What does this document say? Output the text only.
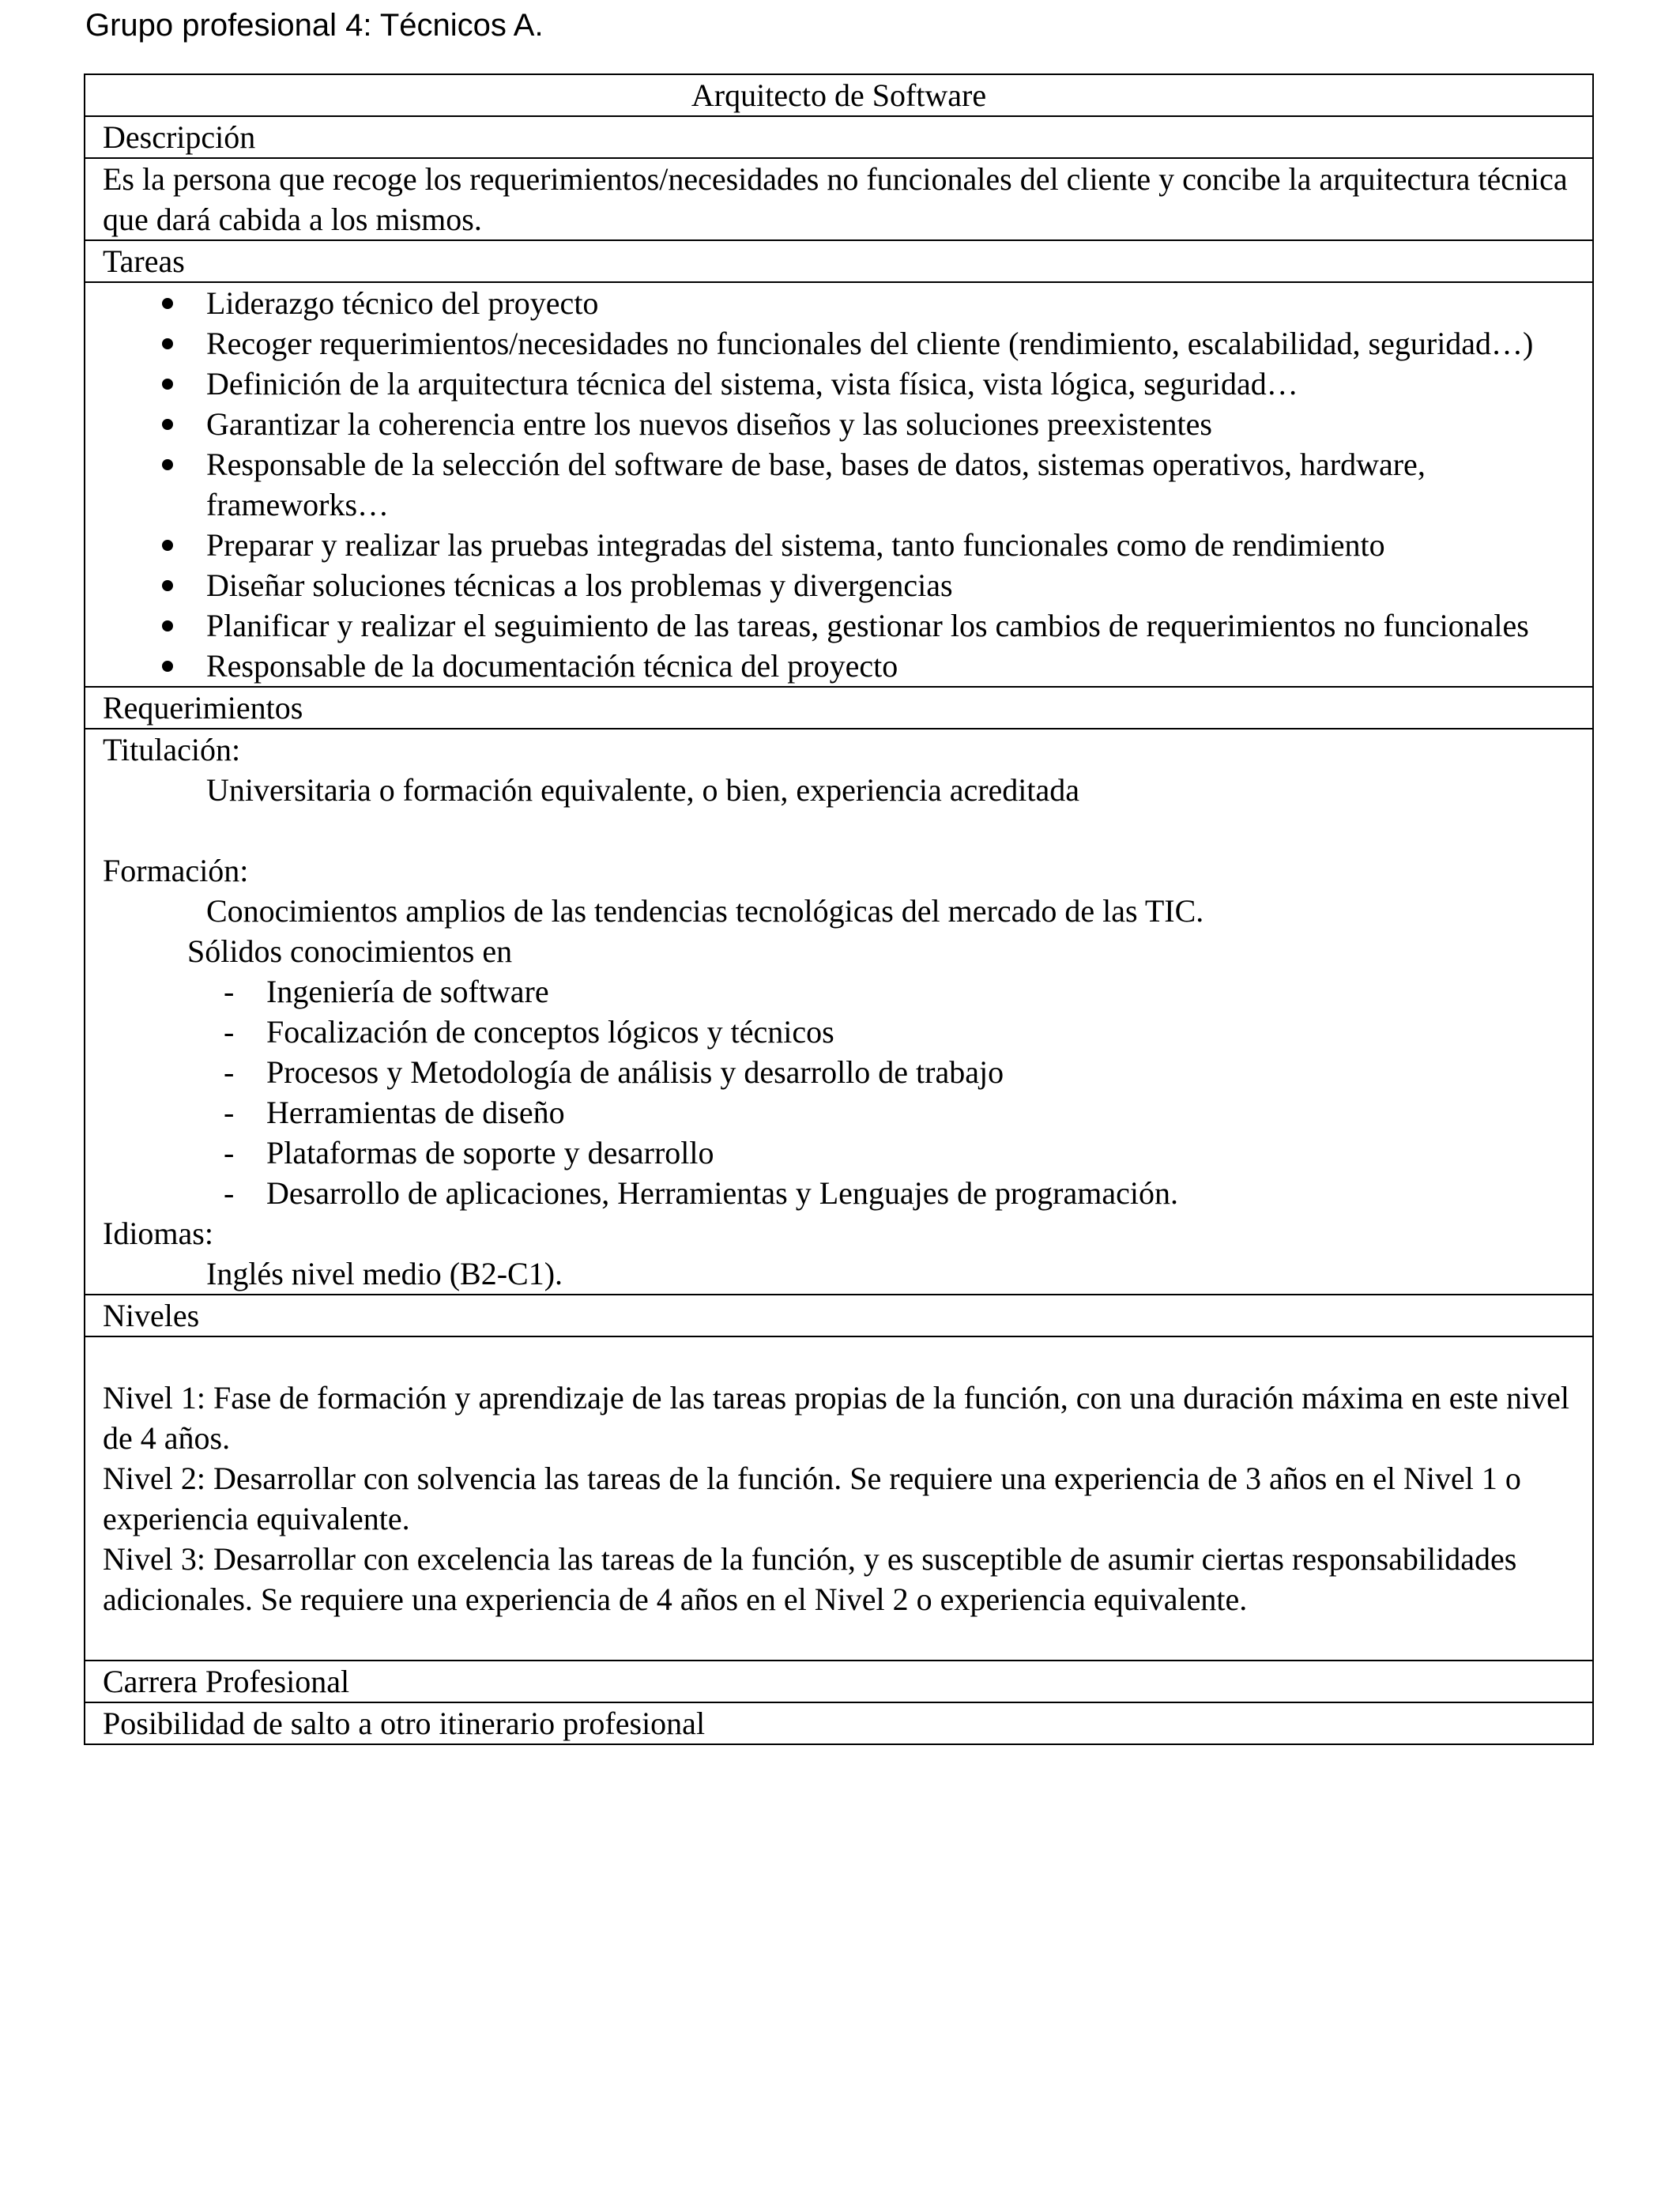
Grupo profesional 4: Técnicos A.
Arquitecto de Software
Descripción

Es la persona que recoge los requerimientos/necesidades no funcionales del cliente y concibe la arquitectura técnica que dará cabida a los mismos.

Tareas
Liderazgo técnico del proyecto
Recoger requerimientos/necesidades no funcionales del cliente (rendimiento, escalabilidad, seguridad…)
Definición de la arquitectura técnica del sistema, vista física, vista lógica, seguridad…
Garantizar la coherencia entre los nuevos diseños y las soluciones preexistentes
Responsable de la selección del software de base, bases de datos, sistemas operativos, hardware, frameworks…
Preparar y realizar las pruebas integradas del sistema, tanto funcionales como de rendimiento
Diseñar soluciones técnicas a los problemas y divergencias
Planificar y realizar el seguimiento de las tareas, gestionar los cambios de requerimientos no funcionales
Responsable de la documentación técnica del proyecto
Requerimientos

Titulación:

Universitaria o formación equivalente, o bien, experiencia acreditada

Formación:

Conocimientos amplios de las tendencias tecnológicas del mercado de las TIC.

Sólidos conocimientos en

- Ingeniería de software
- Focalización de conceptos lógicos y técnicos
- Procesos y Metodología de análisis y desarrollo de trabajo
- Herramientas de diseño
- Plataformas de soporte y desarrollo
- Desarrollo de aplicaciones, Herramientas y Lenguajes de programación.

Idiomas:

Inglés nivel medio (B2-C1).

Niveles

Nivel 1: Fase de formación y aprendizaje de las tareas propias de la función, con una duración máxima en este nivel de 4 años.

Nivel 2: Desarrollar con solvencia las tareas de la función. Se requiere una experiencia de 3 años en el Nivel 1 o experiencia equivalente.

Nivel 3: Desarrollar con excelencia las tareas de la función, y es susceptible de asumir ciertas responsabilidades adicionales. Se requiere una experiencia de 4 años en el Nivel 2 o experiencia equivalente.

Carrera Profesional
Posibilidad de salto a otro itinerario profesional
